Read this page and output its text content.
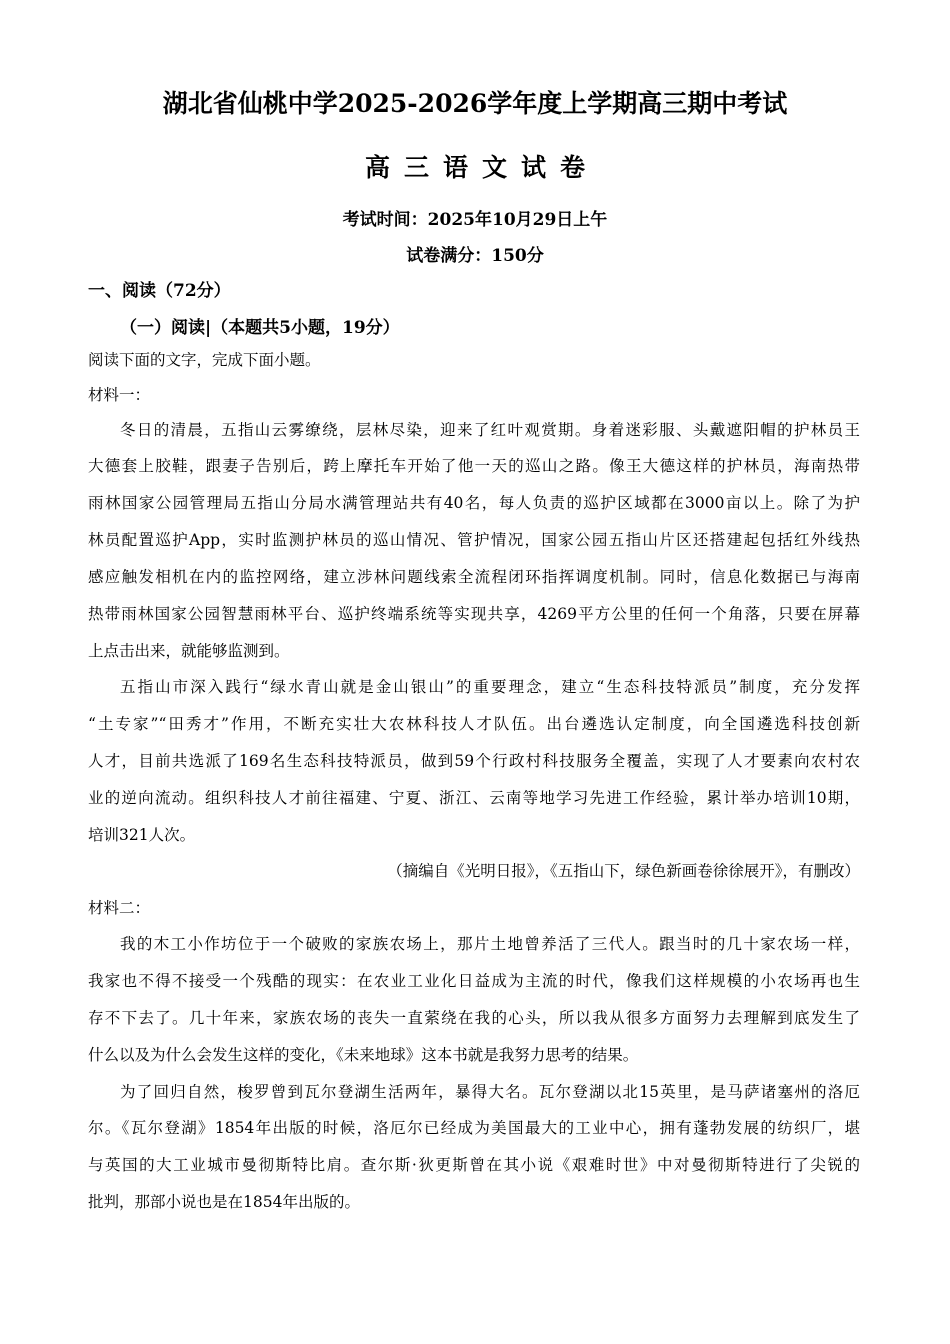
湖北省仙桃中学2025-2026学年度上学期高三期中考试
高三语文试卷
考试时间：2025年10月29日上午
试卷满分：150分
一、阅读（72分）
（一）阅读|（本题共5小题，19分）
阅读下面的文字，完成下面小题。
材料一：
冬日的清晨，五指山云雾缭绕，层林尽染，迎来了红叶观赏期。身着迷彩服、头戴遮阳帽的护林员王
大德套上胶鞋，跟妻子告别后，跨上摩托车开始了他一天的巡山之路。像王大德这样的护林员，海南热带
雨林国家公园管理局五指山分局水满管理站共有40名，每人负责的巡护区域都在3000亩以上。除了为护
林员配置巡护App，实时监测护林员的巡山情况、管护情况，国家公园五指山片区还搭建起包括红外线热
感应触发相机在内的监控网络，建立涉林问题线索全流程闭环指挥调度机制。同时，信息化数据已与海南
热带雨林国家公园智慧雨林平台、巡护终端系统等实现共享，4269平方公里的任何一个角落，只要在屏幕
上点击出来，就能够监测到。
五指山市深入践行“绿水青山就是金山银山”的重要理念，建立“生态科技特派员”制度，充分发挥
“土专家”“田秀才”作用，不断充实壮大农林科技人才队伍。出台遴选认定制度，向全国遴选科技创新
人才，目前共选派了169名生态科技特派员，做到59个行政村科技服务全覆盖，实现了人才要素向农村农
业的逆向流动。组织科技人才前往福建、宁夏、浙江、云南等地学习先进工作经验，累计举办培训10期，
培训321人次。
（摘编自《光明日报》，《五指山下，绿色新画卷徐徐展开》，有删改）
材料二：
我的木工小作坊位于一个破败的家族农场上，那片土地曾养活了三代人。跟当时的几十家农场一样，
我家也不得不接受一个残酷的现实：在农业工业化日益成为主流的时代，像我们这样规模的小农场再也生
存不下去了。几十年来，家族农场的丧失一直萦绕在我的心头，所以我从很多方面努力去理解到底发生了
什么以及为什么会发生这样的变化，《未来地球》这本书就是我努力思考的结果。
为了回归自然，梭罗曾到瓦尔登湖生活两年，暴得大名。瓦尔登湖以北15英里，是马萨诸塞州的洛厄
尔。《瓦尔登湖》1854年出版的时候，洛厄尔已经成为美国最大的工业中心，拥有蓬勃发展的纺织厂，堪
与英国的大工业城市曼彻斯特比肩。查尔斯·狄更斯曾在其小说《艰难时世》中对曼彻斯特进行了尖锐的
批判，那部小说也是在1854年出版的。
